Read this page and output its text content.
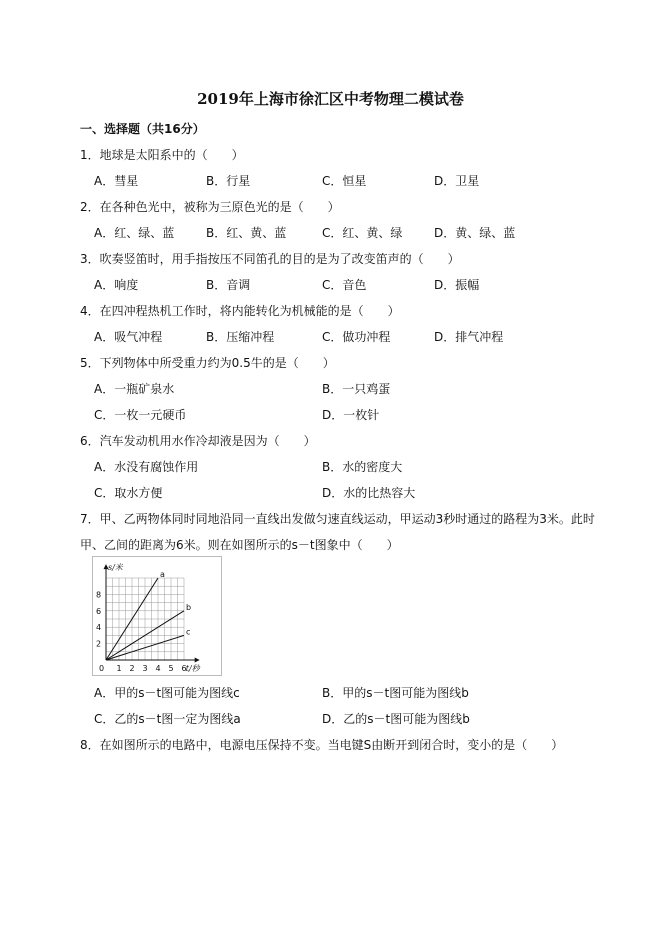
2019年上海市徐汇区中考物理二模试卷
一、选择题（共16分）
1．地球是太阳系中的（　　）
A．彗星	B．行星	C．恒星	D．卫星
2．在各种色光中，被称为三原色光的是（　　）
A．红、绿、蓝	B．红、黄、蓝	C．红、黄、绿	D．黄、绿、蓝
3．吹奏竖笛时，用手指按压不同笛孔的目的是为了改变笛声的（　　）
A．响度	B．音调	C．音色	D．振幅
4．在四冲程热机工作时，将内能转化为机械能的是（　　）
A．吸气冲程	B．压缩冲程	C．做功冲程	D．排气冲程
5．下列物体中所受重力约为0.5牛的是（　　）
A．一瓶矿泉水	B．一只鸡蛋
C．一枚一元硬币	D．一枚针
6．汽车发动机用水作冷却液是因为（　　）
A．水没有腐蚀作用	B．水的密度大
C．取水方便	D．水的比热容大
7．甲、乙两物体同时同地沿同一直线出发做匀速直线运动，甲运动3秒时通过的路程为3米。此时
甲、乙间的距离为6米。则在如图所示的s－t图象中（　　）
0 1 2 3 4 5 6
2
4
6
8
s/米
t/秒
a
b
c
A．甲的s－t图可能为图线c	B．甲的s－t图可能为图线b
C．乙的s－t图一定为图线a	D．乙的s－t图可能为图线b
8．在如图所示的电路中，电源电压保持不变。当电键S由断开到闭合时，变小的是（　　）
